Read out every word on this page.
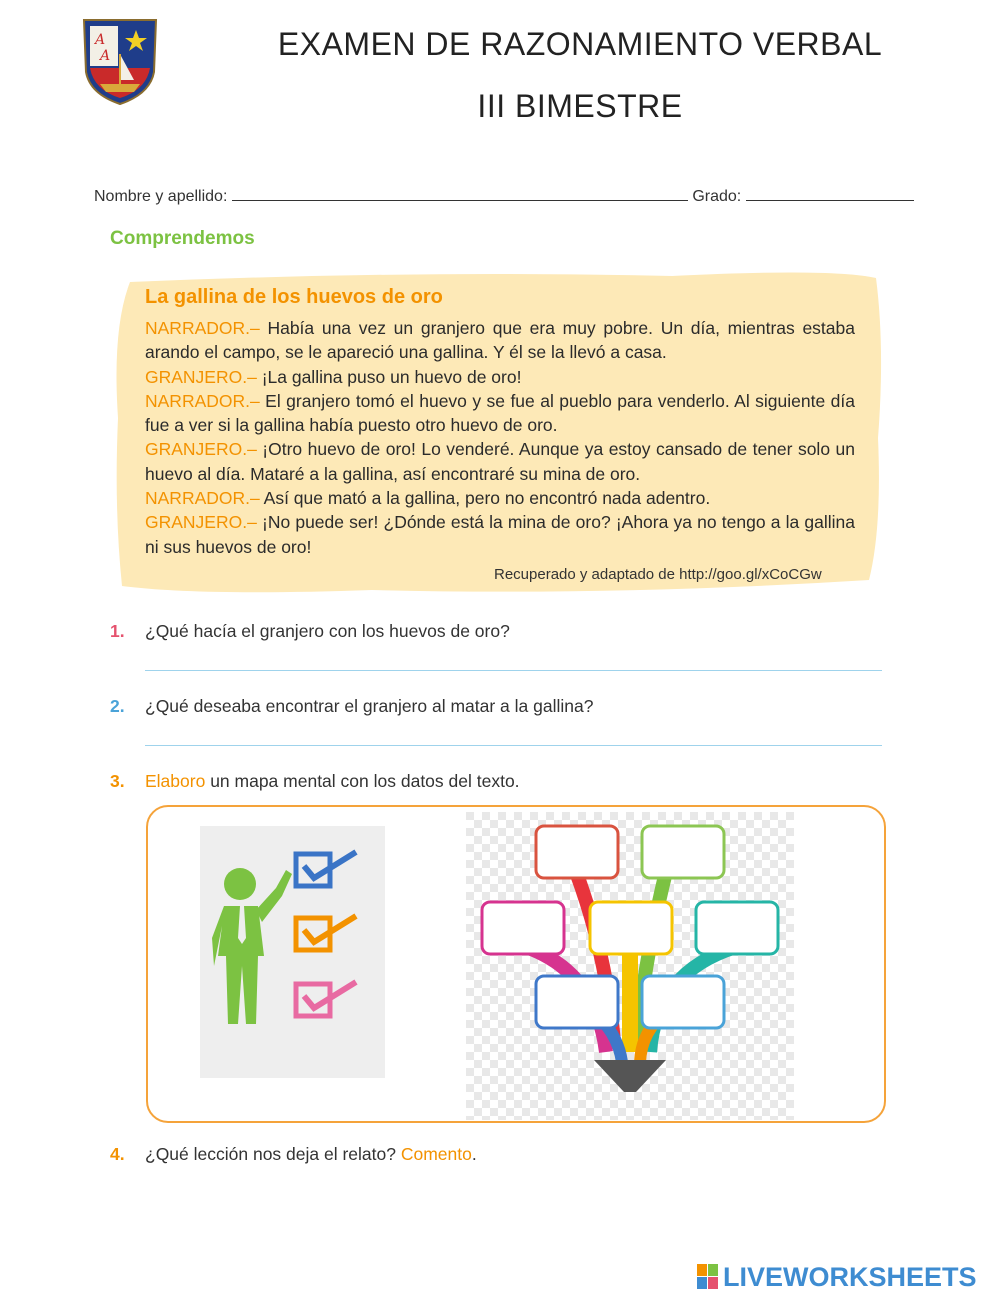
A
A	EXAMEN DE RAZONAMIENTO VERBAL
III BIMESTRE
Nombre y apellido:	Grado:
Comprendemos
La gallina de los huevos de oro

NARRADOR.– Había una vez un granjero que era muy pobre. Un día, mientras estaba arando el campo, se le apareció una gallina. Y él se la llevó a casa.

GRANJERO.– ¡La gallina puso un huevo de oro!

NARRADOR.– El granjero tomó el huevo y se fue al pueblo para venderlo. Al siguiente día fue a ver si la gallina había puesto otro huevo de oro.

GRANJERO.– ¡Otro huevo de oro! Lo venderé. Aunque ya estoy cansado de tener solo un huevo al día. Mataré a la gallina, así encontraré su mina de oro.

NARRADOR.– Así que mató a la gallina, pero no encontró nada adentro.

GRANJERO.– ¡No puede ser! ¿Dónde está la mina de oro? ¡Ahora ya no tengo a la gallina ni sus huevos de oro!

Recuperado y adaptado de http://goo.gl/xCoCGw
1. ¿Qué hacía el granjero con los huevos de oro?
2. ¿Qué deseaba encontrar el granjero al matar a la gallina?
3. Elaboro un mapa mental con los datos del texto.
4. ¿Qué lección nos deja el relato? Comento.
LIVEWORKSHEETS
